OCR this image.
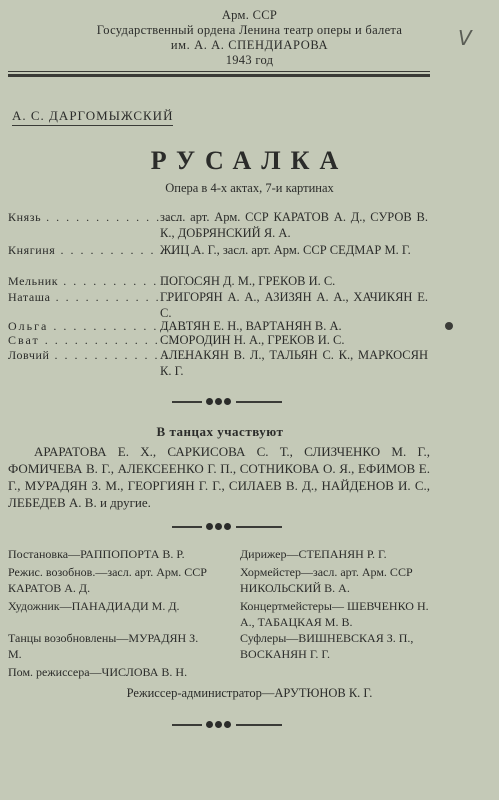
V
Арм. ССР
Государственный ордена Ленина театр оперы и балета
им. А. А. СПЕНДИАРОВА
1943 год
А. С. ДАРГОМЫЖСКИЙ
РУСАЛКА
Опера в 4-х актах, 7-и картинах
Князь . . . . . . . . . . . . . .
засл. арт. Арм. ССР КАРАТОВ А. Д., СУРОВ В. К., ДОБРЯНСКИЙ Я. А.
Княгиня . . . . . . . . . . . . . .
ЖИЦ А. Г., засл. арт. Арм. ССР СЕДМАР М. Г.
Мельник . . . . . . . . . . . . . .
ПОГОСЯН Д. М., ГРЕКОВ И. С.
Наташа . . . . . . . . . . . . . .
ГРИГОРЯН А. А., АЗИЗЯН А. А., ХАЧИКЯН Е. С.
Ольга . . . . . . . . . . . . . .
ДАВТЯН Е. Н., ВАРТАНЯН В. А.
Сват . . . . . . . . . . . . . .
СМОРОДИН Н. А., ГРЕКОВ И. С.
Ловчий . . . . . . . . . . . . . .
АЛЕНАКЯН В. Л., ТАЛЬЯН С. К., МАРКОСЯН К. Г.
В танцах участвуют
АРАРАТОВА Е. Х., САРКИСОВА С. Т., СЛИЗЧЕНКО М. Г., ФОМИЧЕВА В. Г., АЛЕКСЕЕНКО Г. П., СОТНИКОВА О. Я., ЕФИМОВ Е. Г., МУРАДЯН З. М., ГЕОРГИЯН Г. Г., СИЛАЕВ В. Д., НАЙДЕНОВ И. С., ЛЕБЕДЕВ А. В. и другие.
Постановка—РАППОПОРТА В. Р.
Режис. возобнов.—засл. арт. Арм. ССР КАРАТОВ А. Д.
Художник—ПАНАДИАДИ М. Д.
Танцы возобновлены—МУРАДЯН З. М.
Пом. режиссера—ЧИСЛОВА В. Н.
Дирижер—СТЕПАНЯН Р. Г.
Хормейстер—засл. арт. Арм. ССР НИКОЛЬСКИЙ В. А.
Концертмейстеры— ШЕВЧЕНКО Н. А., ТАБАЦКАЯ М. В.
Суфлеры—ВИШНЕВСКАЯ З. П., ВОСКАНЯН Г. Г.
Режиссер-администратор—АРУТЮНОВ К. Г.
